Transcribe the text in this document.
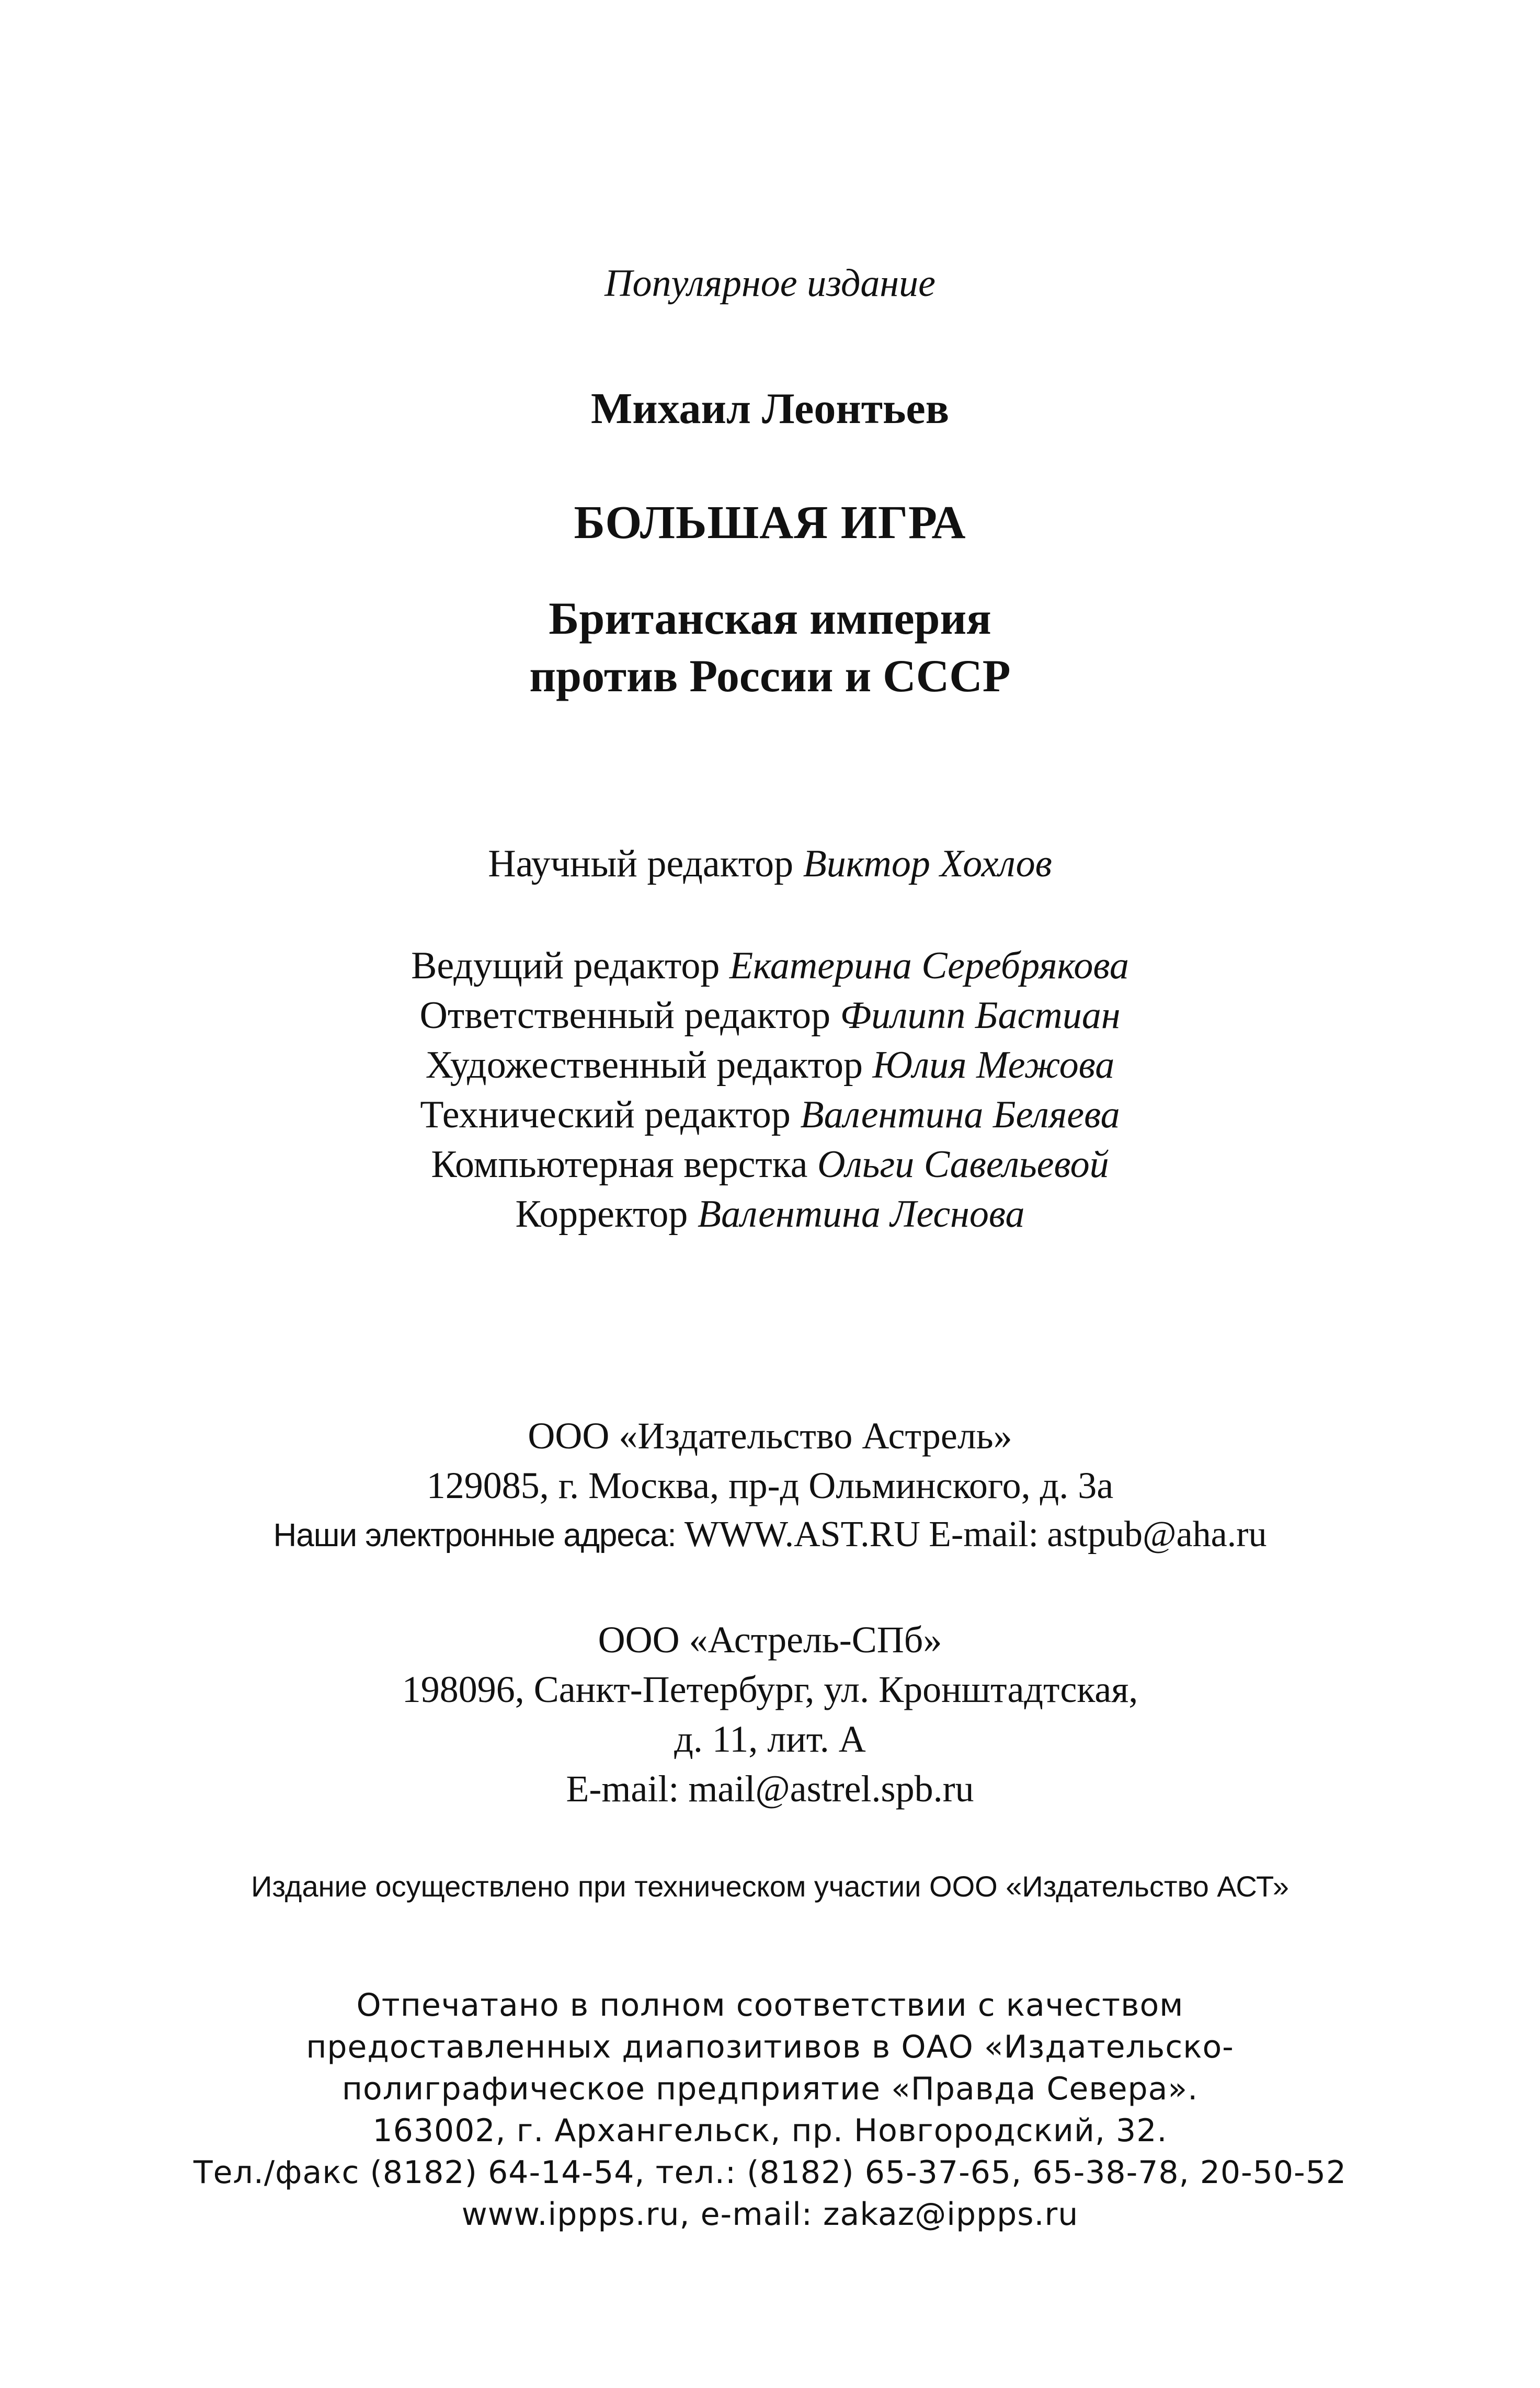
Популярное издание
Михаил Леонтьев
БОЛЬШАЯ ИГРА
Британская империя
против России и СССР
Научный редактор Виктор Хохлов
Ведущий редактор Екатерина Серебрякова
Ответственный редактор Филипп Бастиан
Художественный редактор Юлия Межова
Технический редактор Валентина Беляева
Компьютерная верстка Ольги Савельевой
Корректор Валентина Леснова
ООО «Издательство Астрель»
129085, г. Москва, пр-д Ольминского, д. 3а
Наши электронные адреса: WWW.AST.RU E-mail: astpub@aha.ru
ООО «Астрель-СПб»
198096, Санкт-Петербург, ул. Кронштадтская,
д. 11, лит. А
E-mail: mail@astrel.spb.ru
Издание осуществлено при техническом участии ООО «Издательство АСТ»
Отпечатано в полном соответствии с качеством
предоставленных диапозитивов в ОАО «Издательско-
полиграфическое предприятие «Правда Севера».
163002, г. Архангельск, пр. Новгородский, 32.
Тел./факс (8182) 64-14-54, тел.: (8182) 65-37-65, 65-38-78, 20-50-52
www.ippps.ru, e-mail: zakaz@ippps.ru
